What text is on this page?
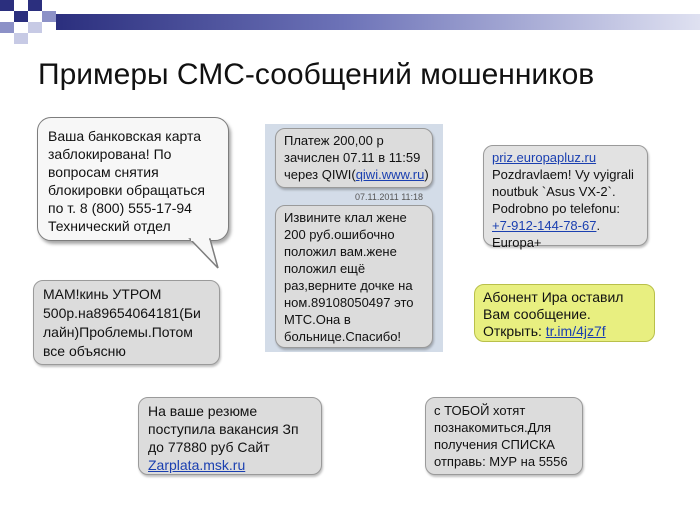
Примеры СМС-сообщений мошенников
Ваша банковская карта
заблокирована! По
вопросам снятия
блокировки обращаться
по т. 8 (800) 555-17-94
Технический отдел
Платеж 200,00 р
зачислен 07.11 в 11:59
через QIWI(qiwi.www.ru)
07.11.2011 11:18
Извините клал жене
200 руб.ошибочно
положил вам.жене
положил ещё
раз,верните дочке на
ном.89108050497 это
МТС.Она в
больнице.Спасибо!
priz.europapluz.ru
Pozdravlaem! Vy vyigrali
noutbuk `Asus VX-2`.
Podrobno po telefonu:
+7-912-144-78-67.
Europa+
МАМ!кинь УТРОМ
500р.на89654064181(Би
лайн)Проблемы.Потом
все объясню
Абонент Ира оставил
Вам сообщение.
Открыть: tr.im/4jz7f
На ваше резюме
поступила вакансия Зп
до 77880 руб Сайт
Zarplata.msk.ru
с ТОБОЙ хотят
познакомиться.Для
получения СПИСКА
отправь: МУР на 5556
